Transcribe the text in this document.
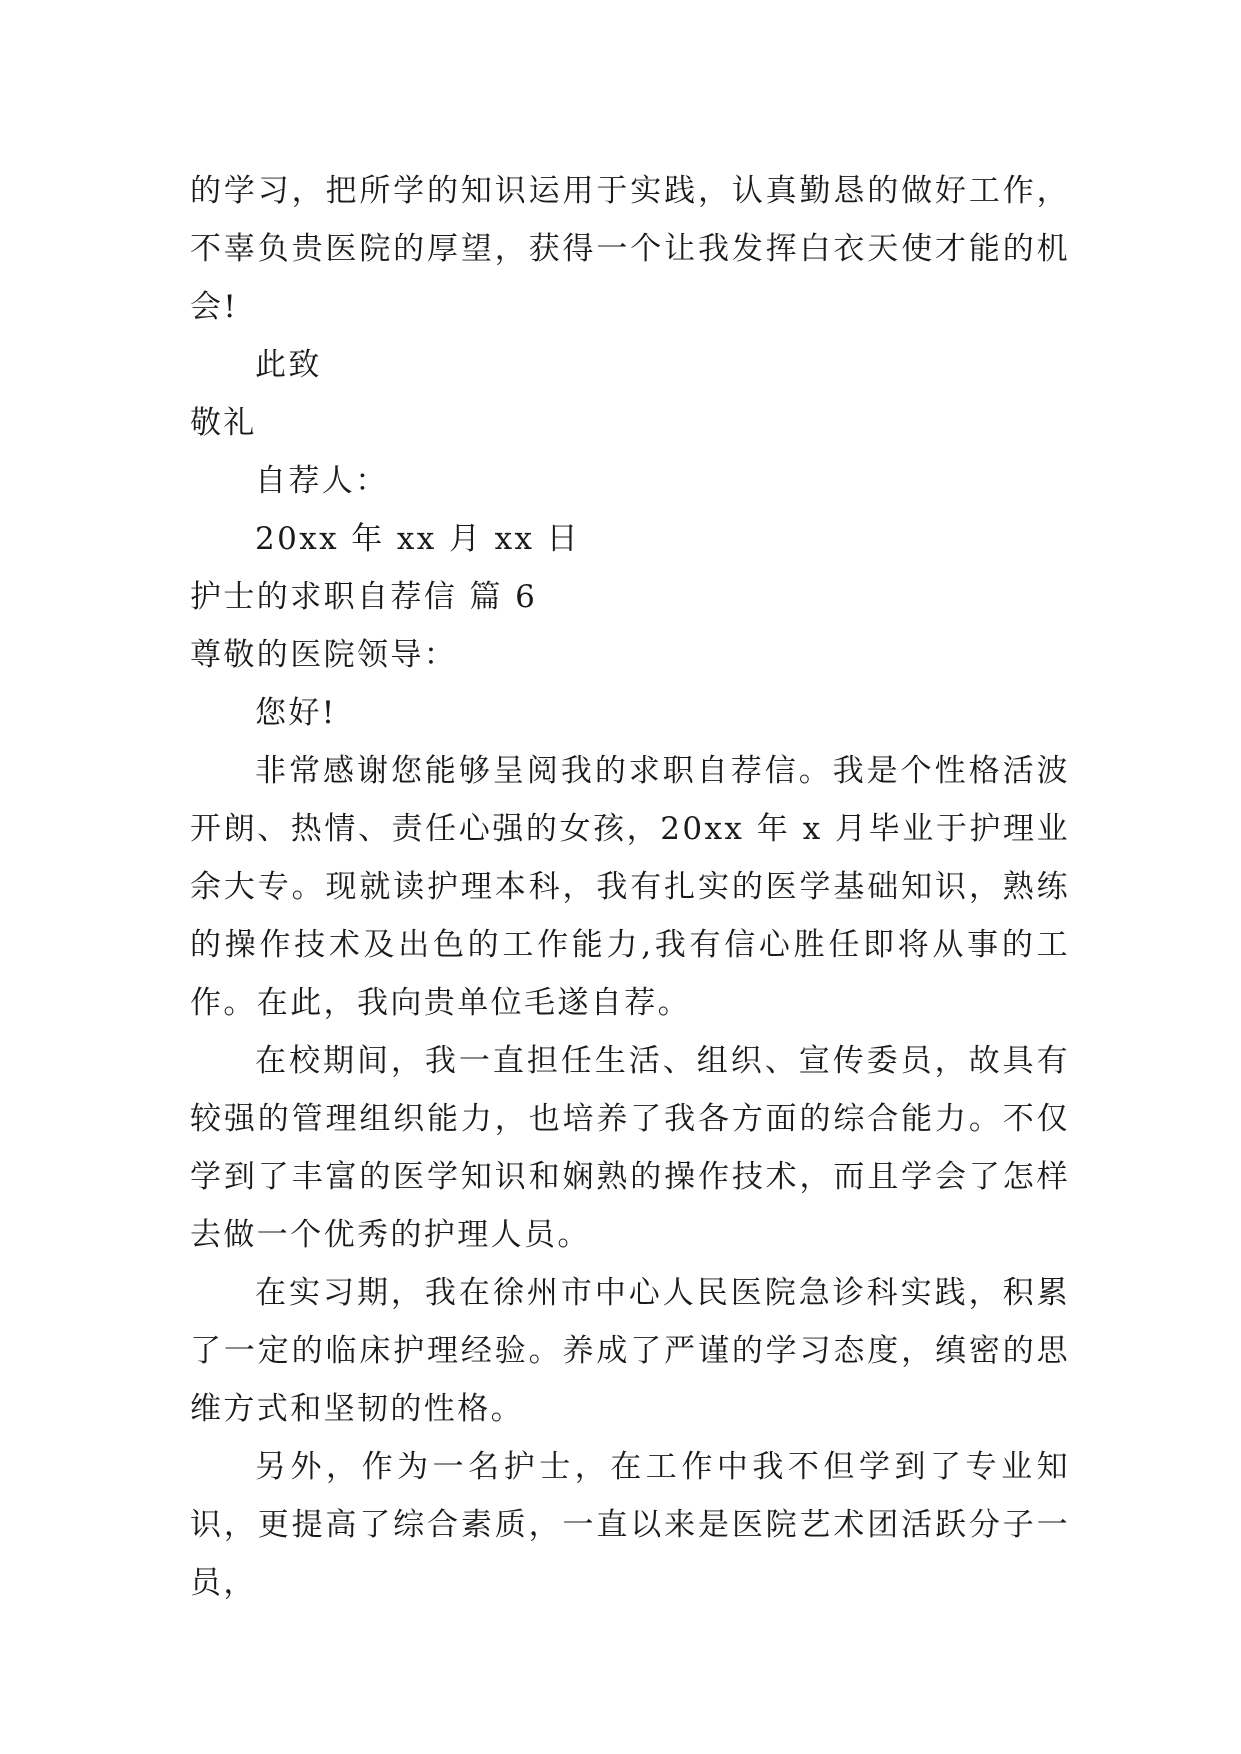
的学习，把所学的知识运用于实践，认真勤恳的做好工作，不辜负贵医院的厚望，获得一个让我发挥白衣天使才能的机会!

此致

敬礼

自荐人：

20xx 年 xx 月 xx 日

护士的求职自荐信 篇 6

尊敬的医院领导：

您好!

非常感谢您能够呈阅我的求职自荐信。我是个性格活波开朗、热情、责任心强的女孩，20xx 年 x 月毕业于护理业余大专。现就读护理本科，我有扎实的医学基础知识，熟练的操作技术及出色的工作能力,我有信心胜任即将从事的工作。在此，我向贵单位毛遂自荐。

在校期间，我一直担任生活、组织、宣传委员，故具有较强的管理组织能力，也培养了我各方面的综合能力。不仅学到了丰富的医学知识和娴熟的操作技术，而且学会了怎样去做一个优秀的护理人员。

在实习期，我在徐州市中心人民医院急诊科实践，积累了一定的临床护理经验。养成了严谨的学习态度，缜密的思维方式和坚韧的性格。

另外，作为一名护士，在工作中我不但学到了专业知识，更提高了综合素质，一直以来是医院艺术团活跃分子一员，
